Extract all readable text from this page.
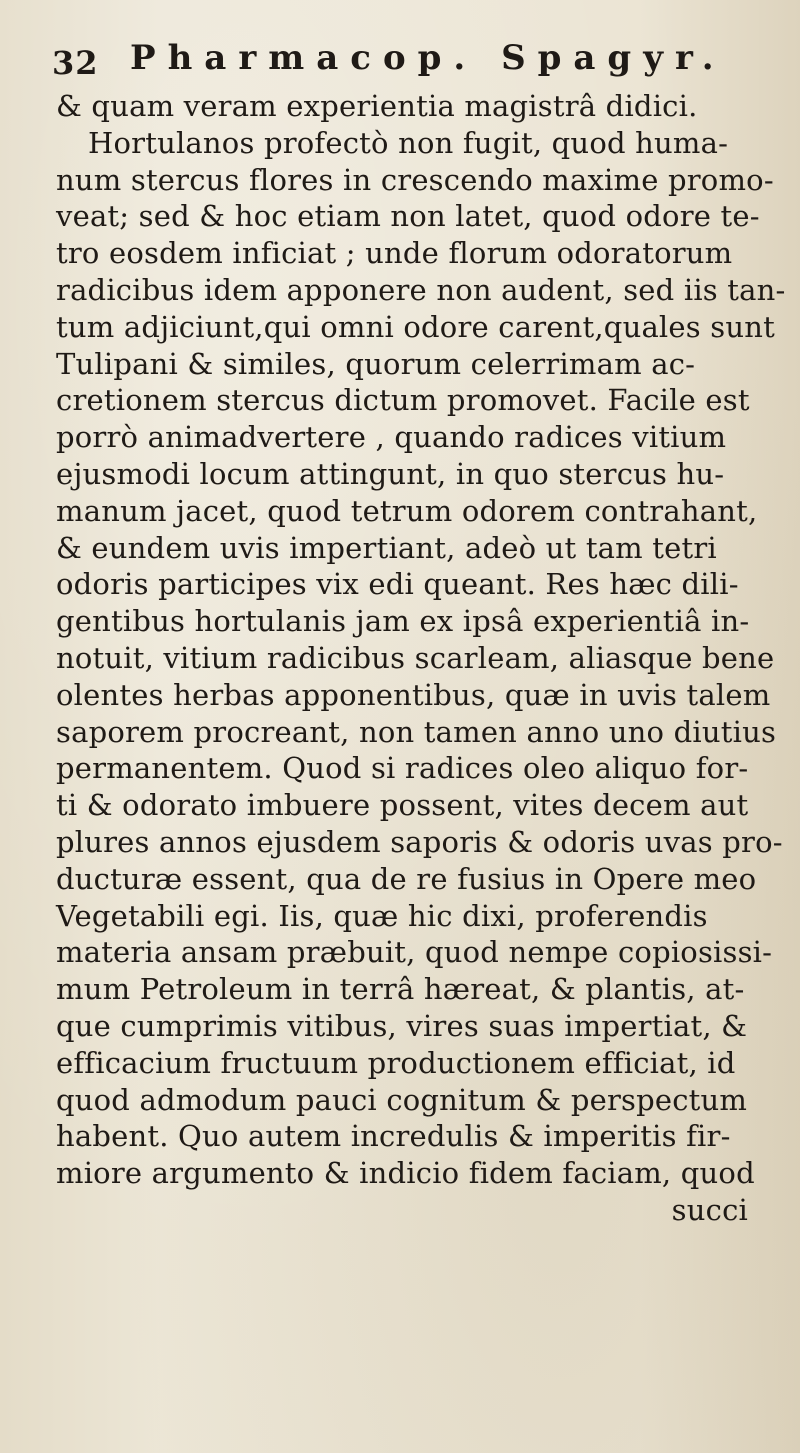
32 Pharmacop. Spagyr.
& quam veram experientia magistrâ didici.
Hortulanos profectò non fugit, quod huma-
num stercus flores in crescendo maxime promo-
veat; sed & hoc etiam non latet, quod odore te-
tro eosdem inficiat ; unde florum odoratorum
radicibus idem apponere non audent, sed iis tan-
tum adjiciunt,qui omni odore carent,quales sunt
Tulipani & similes, quorum celerrimam ac-
cretionem stercus dictum promovet. Facile est
porrò animadvertere , quando radices vitium
ejusmodi locum attingunt, in quo stercus hu-
manum jacet, quod tetrum odorem contrahant,
& eundem uvis impertiant, adeò ut tam tetri
odoris participes vix edi queant. Res hæc dili-
gentibus hortulanis jam ex ipsâ experientiâ in-
notuit, vitium radicibus scarleam, aliasque bene
olentes herbas apponentibus, quæ in uvis talem
saporem procreant, non tamen anno uno diutius
permanentem. Quod si radices oleo aliquo for-
ti & odorato imbuere possent, vites decem aut
plures annos ejusdem saporis & odoris uvas pro-
ducturæ essent, qua de re fusius in Opere meo
Vegetabili egi. Iis, quæ hic dixi, proferendis
materia ansam præbuit, quod nempe copiosissi-
mum Petroleum in terrâ hæreat, & plantis, at-
que cumprimis vitibus, vires suas impertiat, &
efficacium fructuum productionem efficiat, id
quod admodum pauci cognitum & perspectum
habent. Quo autem incredulis & imperitis fir-
miore argumento & indicio fidem faciam, quod
succi
